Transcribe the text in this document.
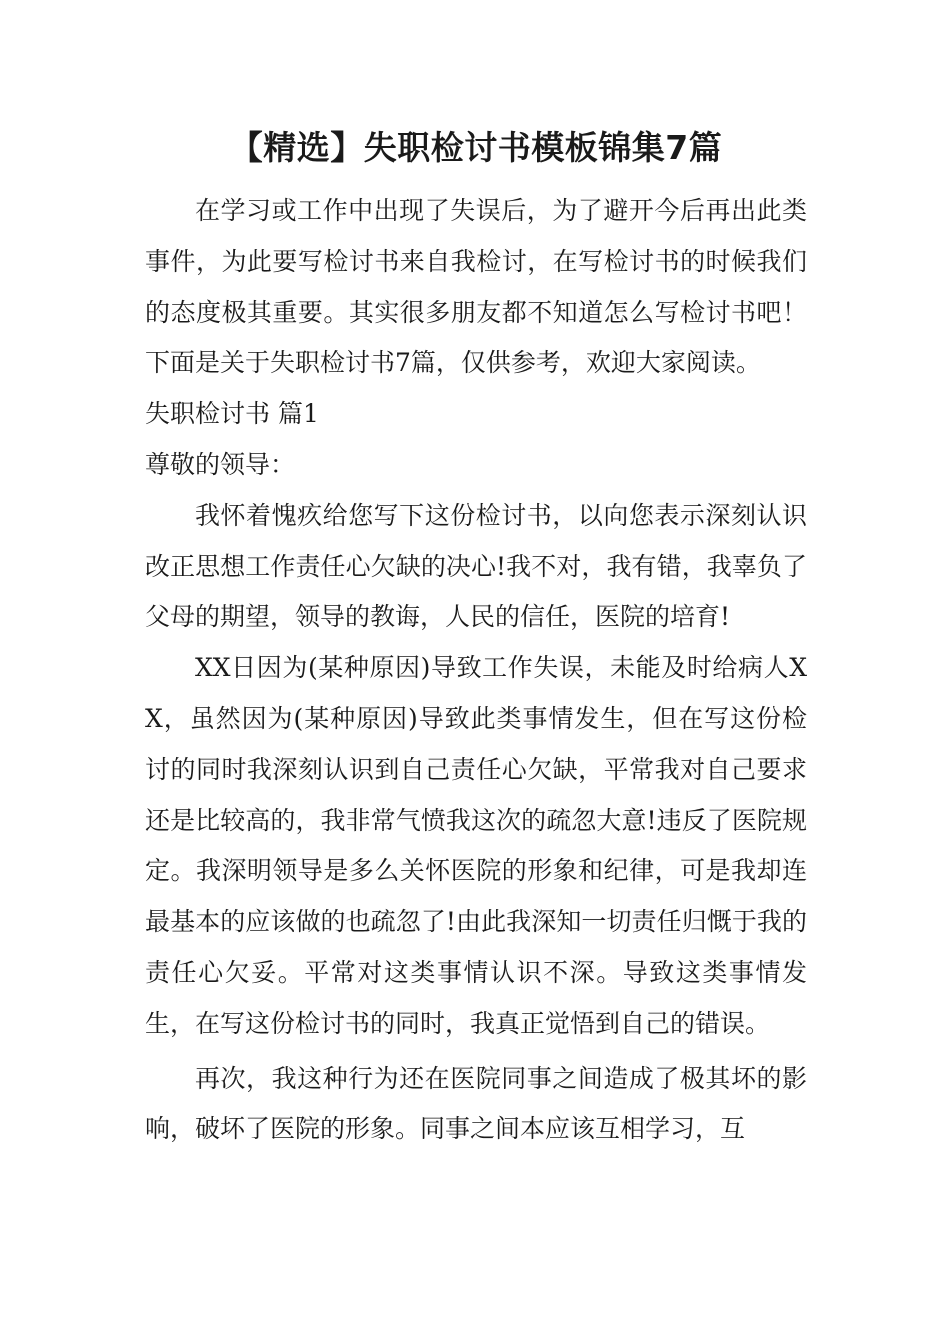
【精选】失职检讨书模板锦集7篇

在学习或工作中出现了失误后，为了避开今后再出此类事件，为此要写检讨书来自我检讨，在写检讨书的时候我们的态度极其重要。其实很多朋友都不知道怎么写检讨书吧！下面是关于失职检讨书7篇，仅供参考，欢迎大家阅读。

失职检讨书 篇1

尊敬的领导：

我怀着愧疚给您写下这份检讨书，以向您表示深刻认识改正思想工作责任心欠缺的决心!我不对，我有错，我辜负了父母的期望，领导的教诲，人民的信任，医院的培育!

XX日因为(某种原因)导致工作失误，未能及时给病人XX，虽然因为(某种原因)导致此类事情发生，但在写这份检讨的同时我深刻认识到自己责任心欠缺，平常我对自己要求还是比较高的，我非常气愤我这次的疏忽大意!违反了医院规定。我深明领导是多么关怀医院的形象和纪律，可是我却连最基本的应该做的也疏忽了!由此我深知一切责任归慨于我的责任心欠妥。平常对这类事情认识不深。导致这类事情发生，在写这份检讨书的同时，我真正觉悟到自己的错误。

再次，我这种行为还在医院同事之间造成了极其坏的影响，破坏了医院的形象。同事之间本应该互相学习，互
